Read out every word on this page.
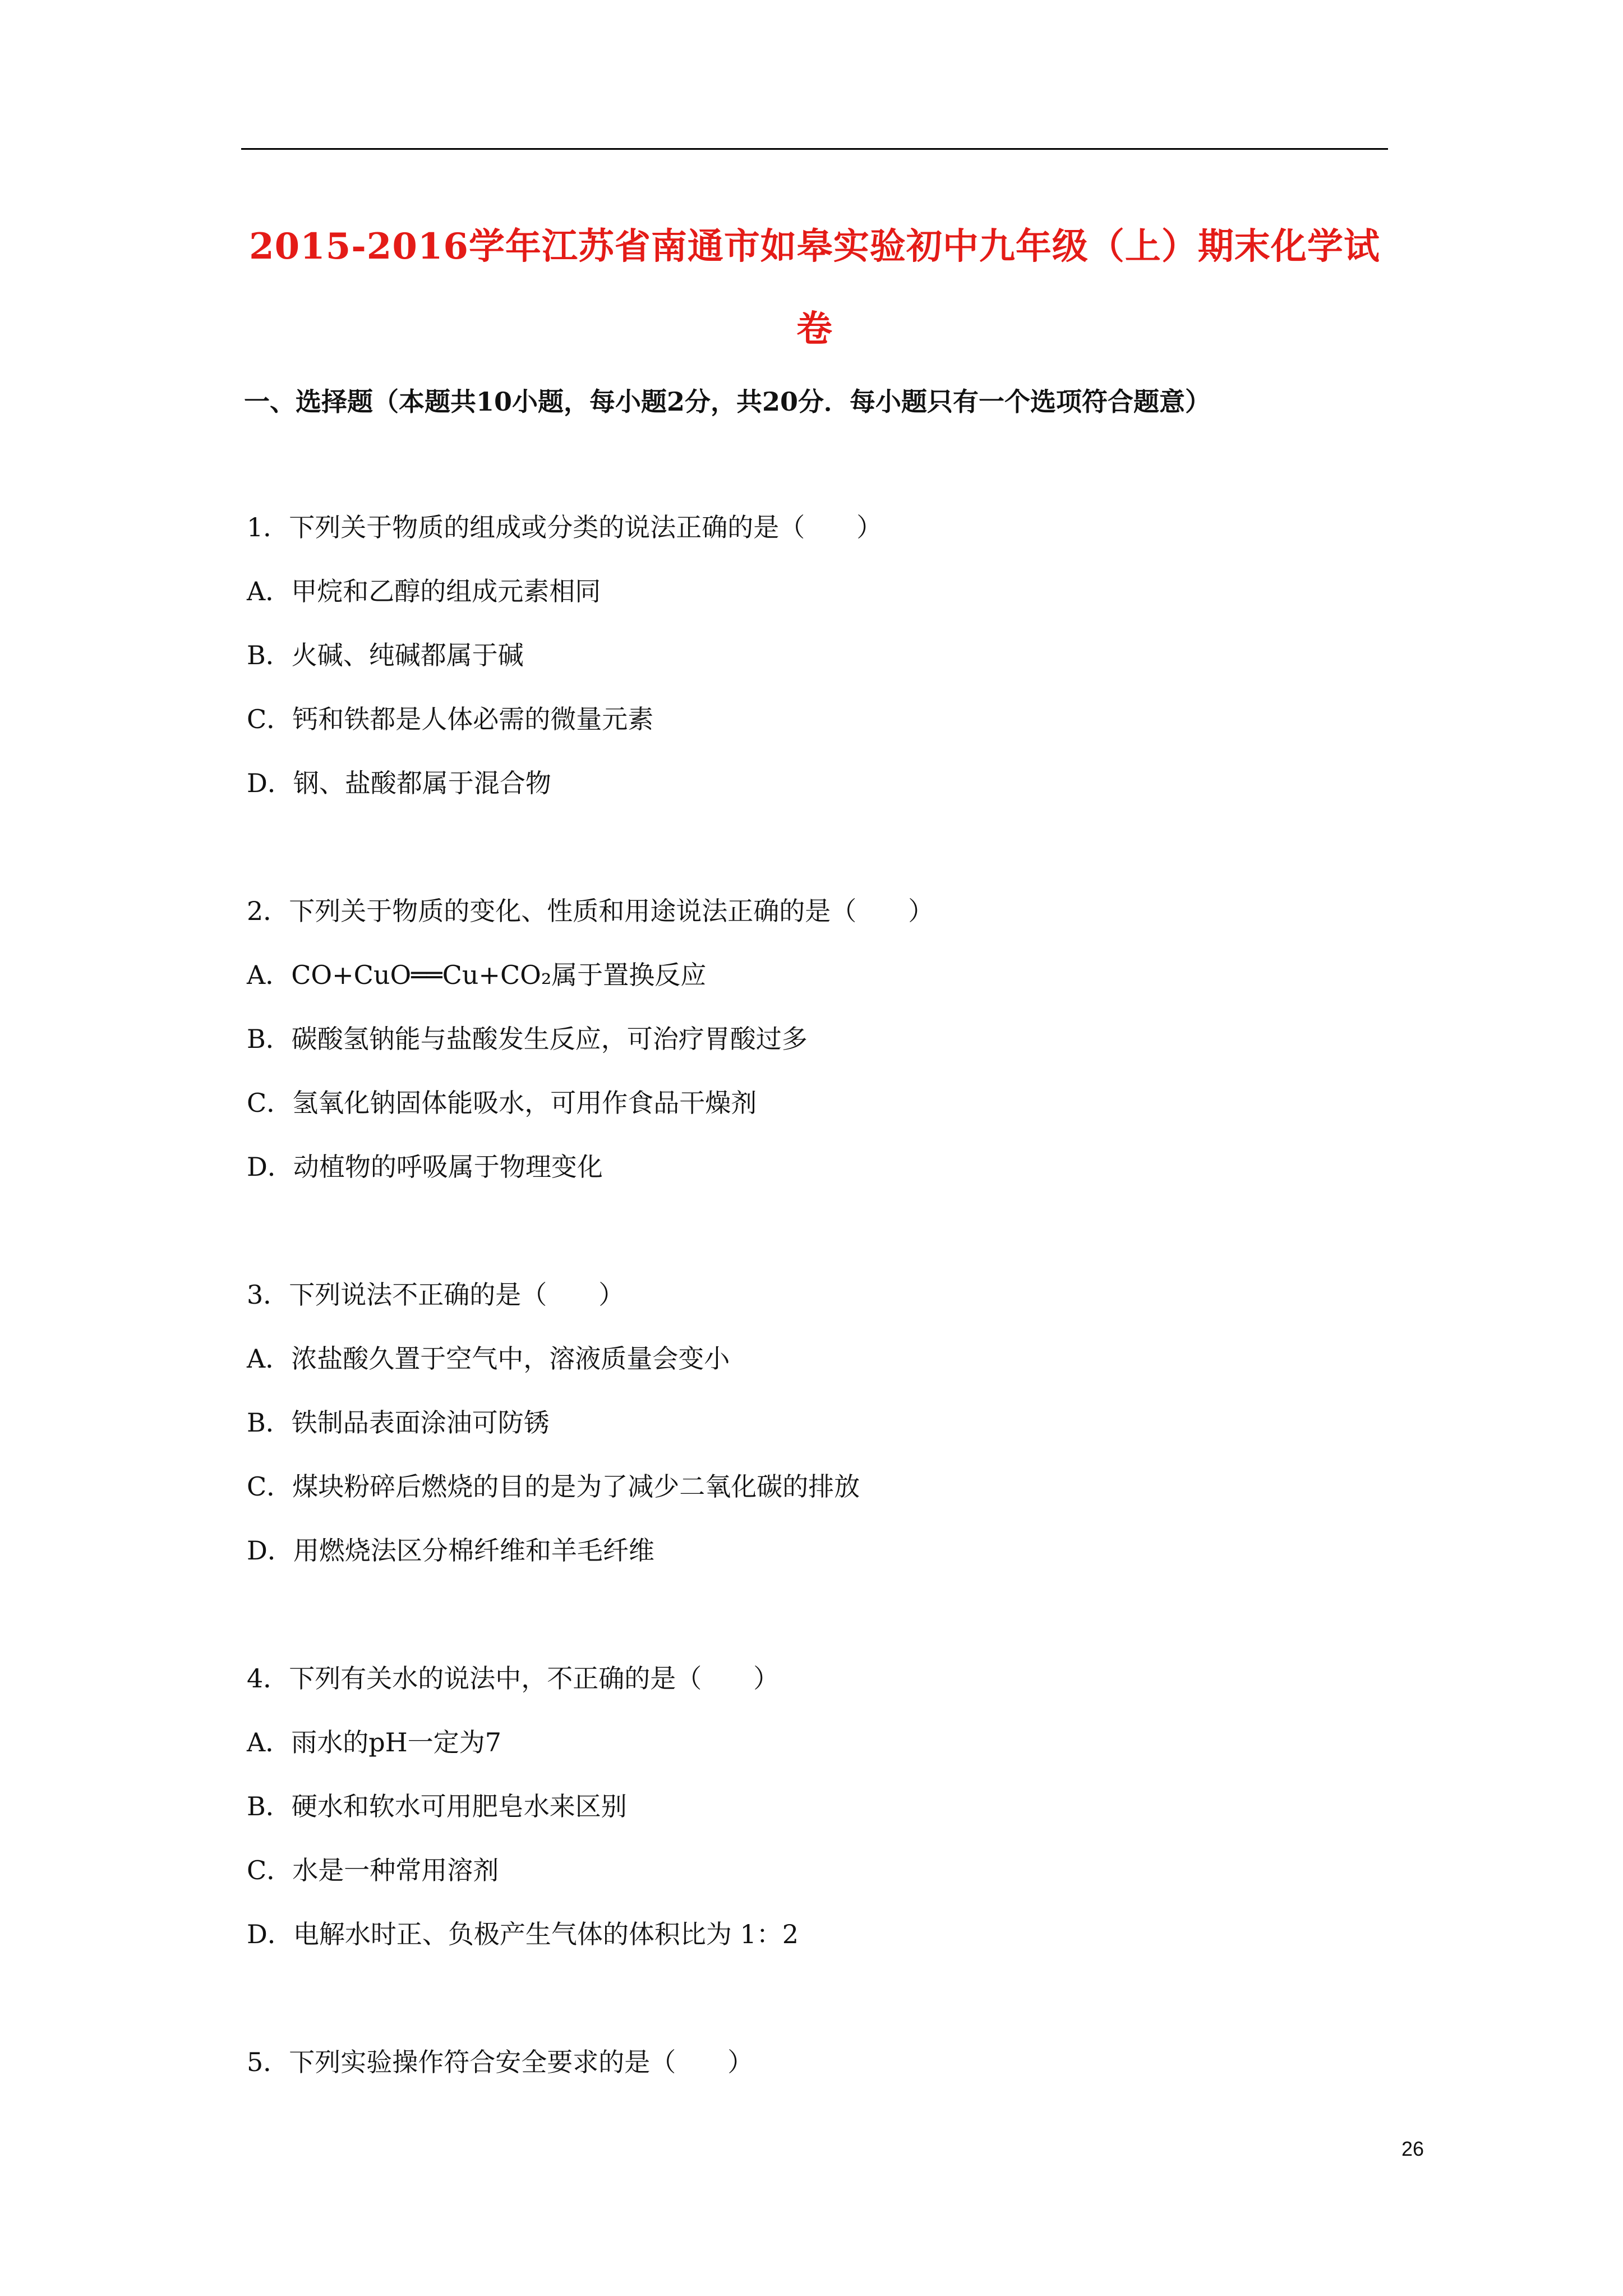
2015-2016学年江苏省南通市如皋实验初中九年级（上）期末化学试
卷
一、选择题（本题共10小题，每小题2分，共20分．每小题只有一个选项符合题意）
1．下列关于物质的组成或分类的说法正确的是（　　）
A．甲烷和乙醇的组成元素相同
B．火碱、纯碱都属于碱
C．钙和铁都是人体必需的微量元素
D．钢、盐酸都属于混合物
2．下列关于物质的变化、性质和用途说法正确的是（　　）
A．CO+CuO══Cu+CO₂属于置换反应
B．碳酸氢钠能与盐酸发生反应，可治疗胃酸过多
C．氢氧化钠固体能吸水，可用作食品干燥剂
D．动植物的呼吸属于物理变化
3．下列说法不正确的是（　　）
A．浓盐酸久置于空气中，溶液质量会变小
B．铁制品表面涂油可防锈
C．煤块粉碎后燃烧的目的是为了减少二氧化碳的排放
D．用燃烧法区分棉纤维和羊毛纤维
4．下列有关水的说法中，不正确的是（　　）
A．雨水的pH一定为7
B．硬水和软水可用肥皂水来区别
C．水是一种常用溶剂
D．电解水时正、负极产生气体的体积比为 1：2
5．下列实验操作符合安全要求的是（　　）
26
